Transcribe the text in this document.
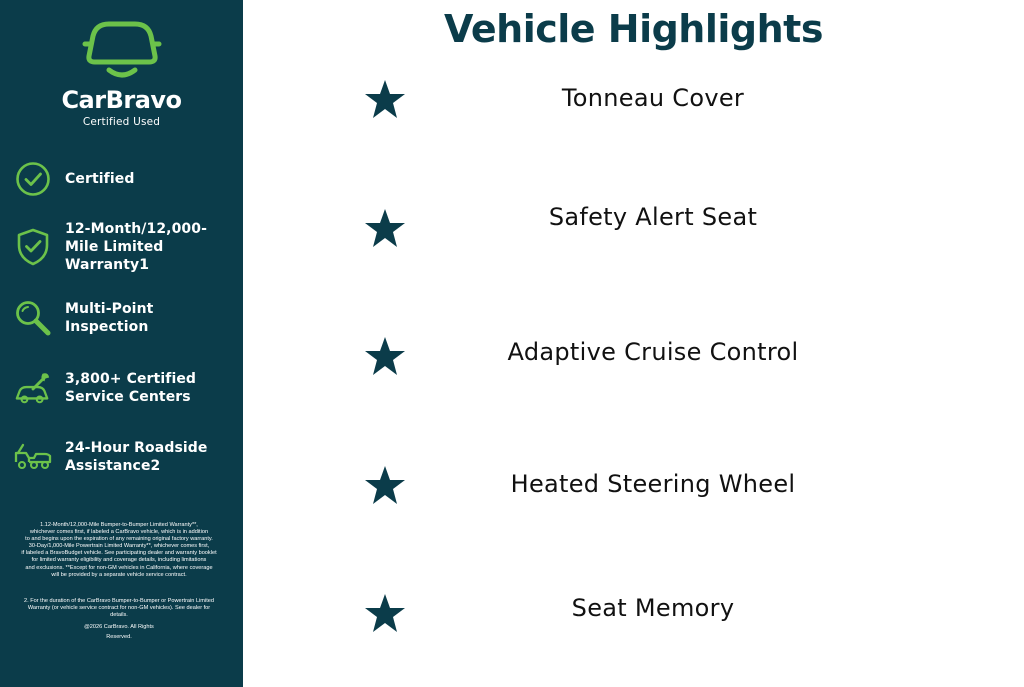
CarBravo
Certified Used
Certified
12-Month/12,000-Mile Limited Warranty1
Multi-Point Inspection
3,800+ Certified Service Centers
24-Hour Roadside Assistance2
1.12-Month/12,000-Mile Bumper-to-Bumper Limited Warranty**,
whichever comes first, if labeled a CarBravo vehicle, which is in addition
to and begins upon the expiration of any remaining original factory warranty.
30-Day/1,000-Mile Powertrain Limited Warranty**, whichever comes first,
if labeled a BravoBudget vehicle. See participating dealer and warranty booklet
for limited warranty eligibility and coverage details, including limitations
and exclusions. **Except for non-GM vehicles in California, where coverage
will be provided by a separate vehicle service contract.
2. For the duration of the CarBravo Bumper-to-Bumper or Powertrain Limited
Warranty (or vehicle service contract for non-GM vehicles). See dealer for
details.
@2026 CarBravo. All Rights
Reserved.
Vehicle Highlights
Tonneau Cover
Safety Alert Seat
Adaptive Cruise Control
Heated Steering Wheel
Seat Memory
